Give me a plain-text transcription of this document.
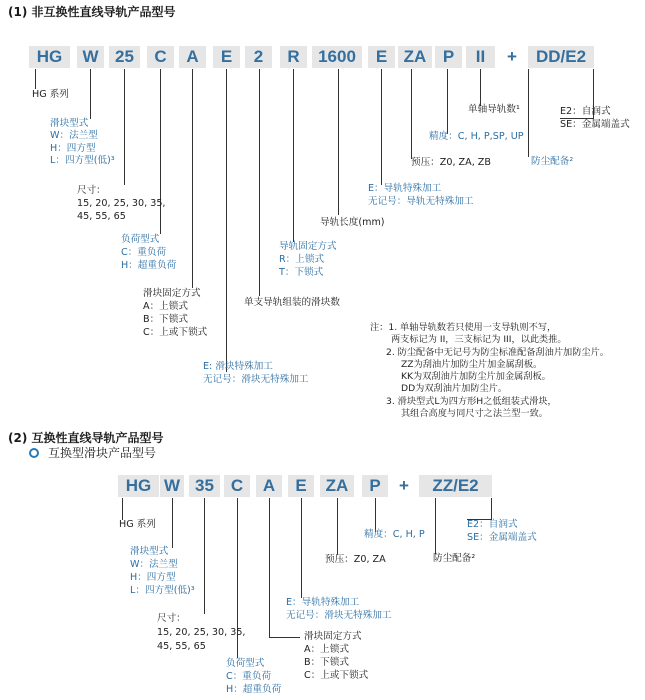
(1) 非互换性直线导轨产品型号
HG	W 25	C	A	E	2	R	1600	E ZA P	II	+	DD/E2
HG 系列
滑块型式
W：法兰型
H：四方型
L：四方型(低)³
尺寸：
15, 20, 25, 30, 35,
45, 55, 65
负荷型式
C：重负荷
H：超重负荷
滑块固定方式
A：上锁式
B：下锁式
C：上或下锁式
E: 滑块特殊加工
无记号：滑块无特殊加工
单支导轨组装的滑块数
导轨固定方式
R：上锁式
T：下锁式
导轨长度(mm)
E：导轨特殊加工
无记号：导轨无特殊加工
预压：Z0, ZA, ZB
精度：C, H, P,SP, UP
单轴导轨数¹
防尘配备²
E2：自润式
SE：金属端盖式
注：1. 单轴导轨数若只使用一支导轨则不写，
两支标记为 II，三支标记为 III，以此类推。
2. 防尘配备中无记号为防尘标准配备刮油片加防尘片。
ZZ为刮油片加防尘片加金属刮板。
KK为双刮油片加防尘片加金属刮板。
DD为双刮油片加防尘片。
3. 滑块型式L为四方形H之低组装式滑块，
其组合高度与同尺寸之法兰型一致。
(2) 互换性直线导轨产品型号
互换型滑块产品型号
HG W 35 C	A	E	ZA	P	+	ZZ/E2
HG 系列
滑块型式
W：法兰型
H：四方型
L：四方型(低)³
尺寸：
15, 20, 25, 30, 35,
45, 55, 65
负荷型式
C：重负荷
H：超重负荷
滑块固定方式
A：上锁式
B：下锁式
C：上或下锁式
E：导轨特殊加工
无记号：滑块无特殊加工
预压：Z0, ZA
精度：C, H, P
防尘配备²
E2：自润式
SE：金属端盖式
